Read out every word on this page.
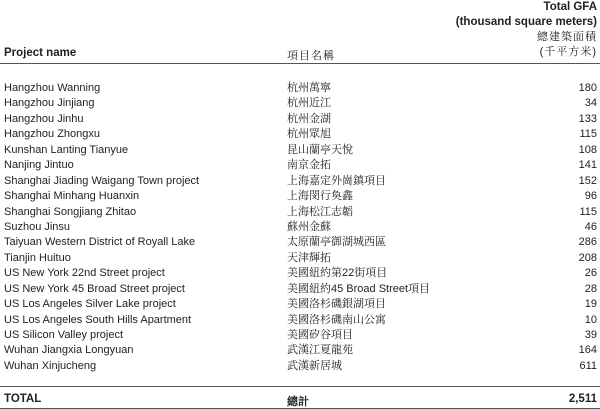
Total GFA
(thousand square meters)
總建築面積
(千平方米)
Project name	項目名稱
Hangzhou Wanning	杭州萬寧	180
Hangzhou Jinjiang	杭州近江	34
Hangzhou Jinhu	杭州金湖	133
Hangzhou Zhongxu	杭州眾旭	115
Kunshan Lanting Tianyue	昆山蘭亭天悅	108
Nanjing Jintuo	南京金拓	141
Shanghai Jiading Waigang Town project	上海嘉定外崗鎮項目	152
Shanghai Minhang Huanxin	上海閔行奐鑫	96
Shanghai Songjiang Zhitao	上海松江志韜	115
Suzhou Jinsu	蘇州金蘇	46
Taiyuan Western District of Royall Lake	太原蘭亭御湖城西區	286
Tianjin Huituo	天津輝拓	208
US New York 22nd Street project	美國紐約第22街項目	26
US New York 45 Broad Street project	美國紐約45 Broad Street項目	28
US Los Angeles Silver Lake project	美國洛杉磯銀湖項目	19
US Los Angeles South Hills Apartment	美國洛杉磯南山公寓	10
US Silicon Valley project	美國矽谷項目	39
Wuhan Jiangxia Longyuan	武漢江夏龍苑	164
Wuhan Xinjucheng	武漢新居城	611
TOTAL	總計	2,511
